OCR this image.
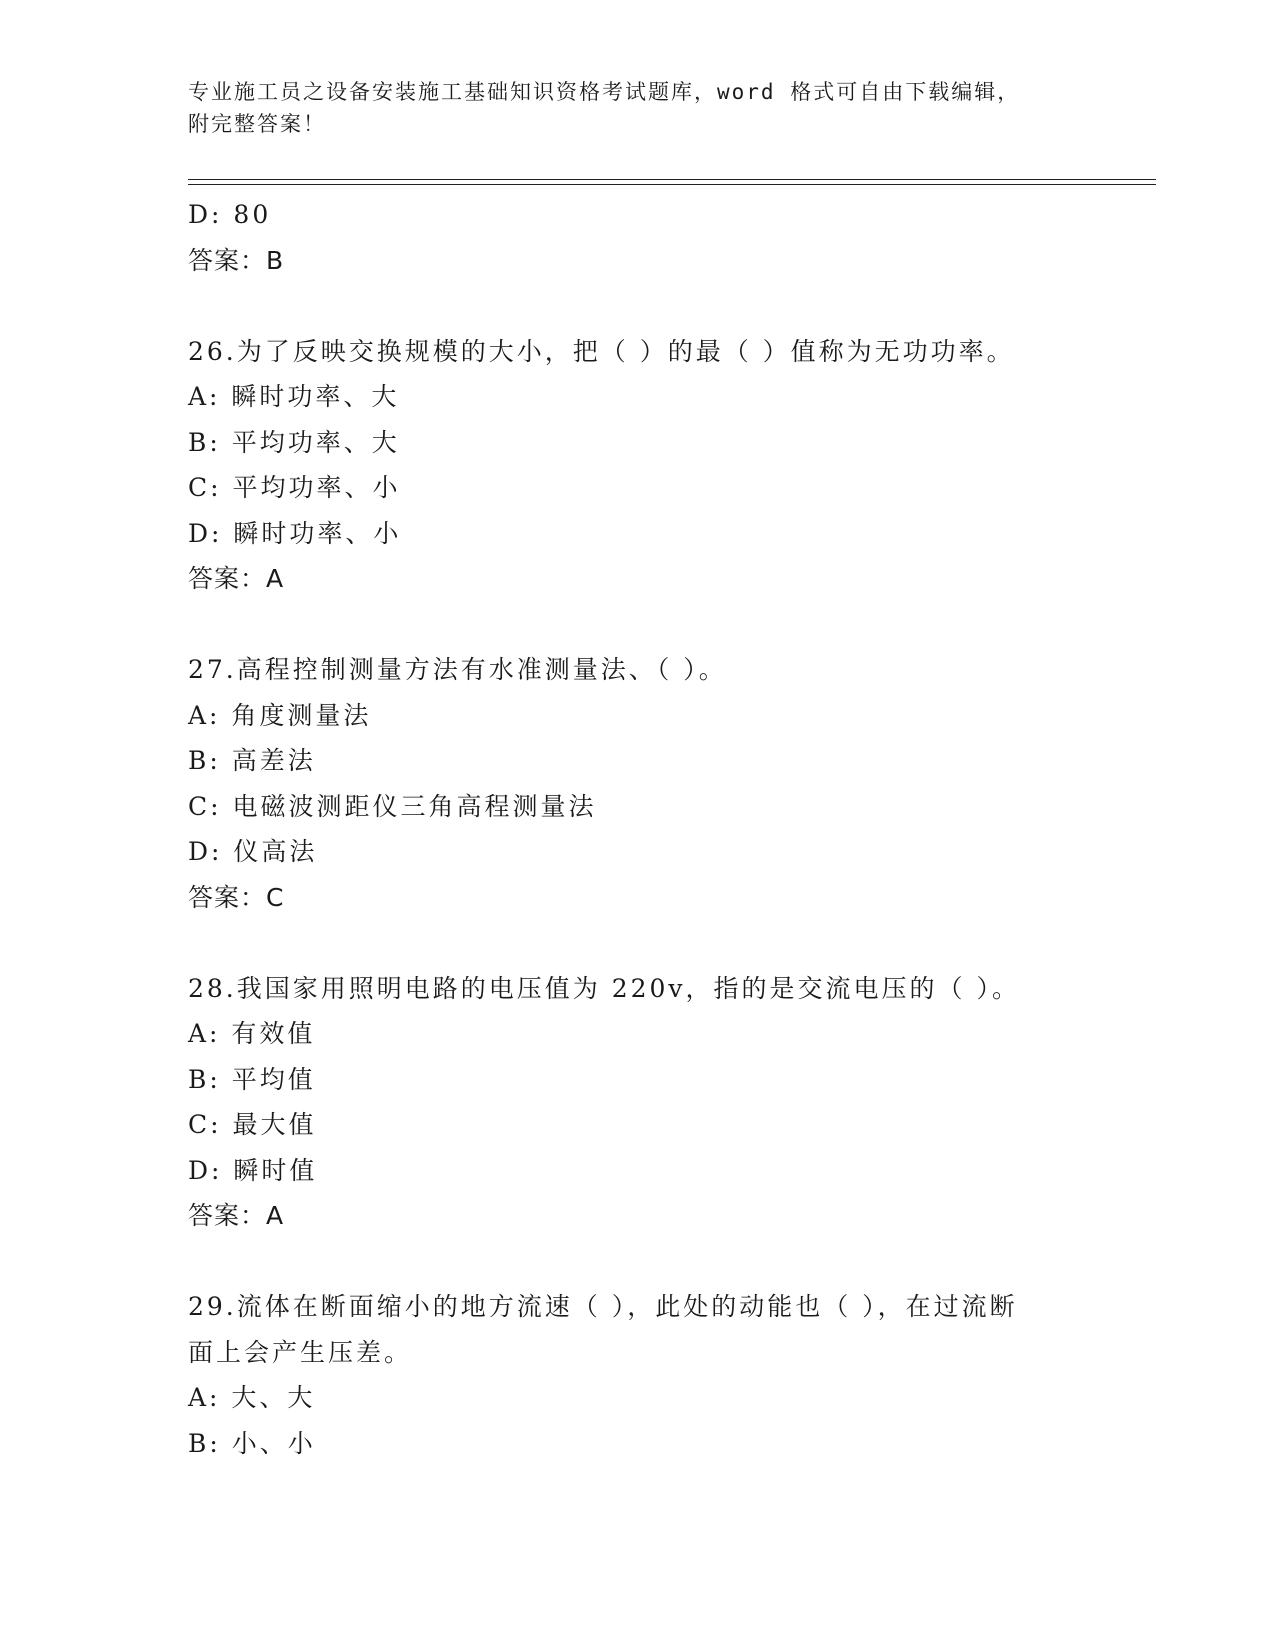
专业施工员之设备安装施工基础知识资格考试题库，word 格式可自由下载编辑，
附完整答案！
D: 80
答案：B
26.为了反映交换规模的大小，把（ ）的最（ ）值称为无功功率。
A: 瞬时功率、大
B: 平均功率、大
C: 平均功率、小
D: 瞬时功率、小
答案：A
27.高程控制测量方法有水准测量法、（ ）。
A: 角度测量法
B: 高差法
C: 电磁波测距仪三角高程测量法
D: 仪高法
答案：C
28.我国家用照明电路的电压值为 220v，指的是交流电压的（ ）。
A: 有效值
B: 平均值
C: 最大值
D: 瞬时值
答案：A
29.流体在断面缩小的地方流速（ ），此处的动能也（ ），在过流断
面上会产生压差。
A: 大、大
B: 小、小
